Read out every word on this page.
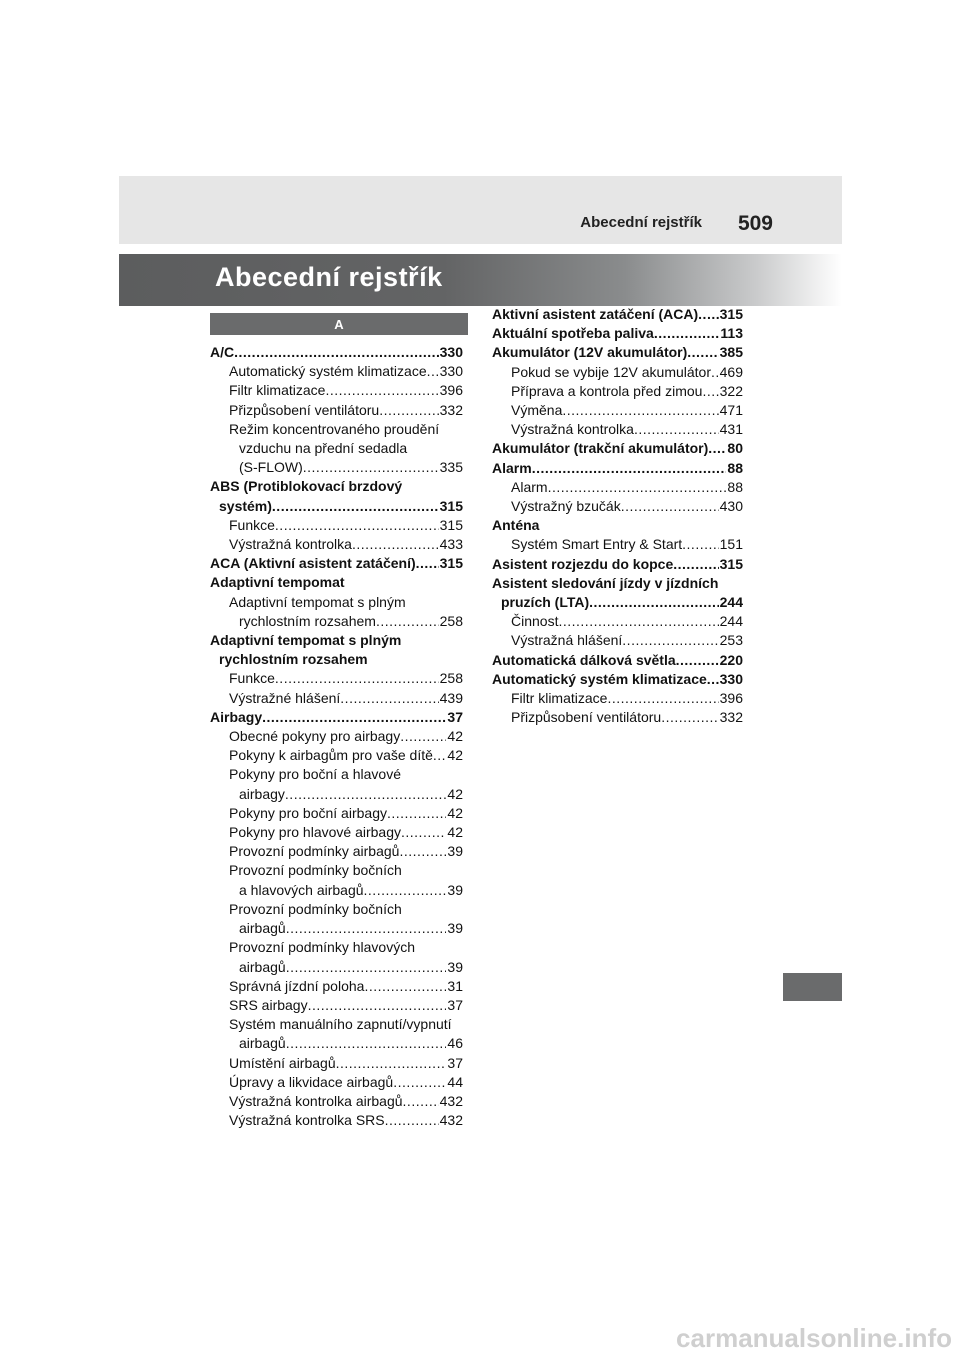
Abecední rejstřík 509
Abecední rejstřík
A
A/C .....	330
Automatický systém klimatizace ..... 330
Filtr klimatizace .....	396
Přizpůsobení ventilátoru .....	332
Režim koncentrovaného proudění
vzduchu na přední sedadla
(S-FLOW) .....	335
ABS (Protiblokovací brzdový
systém) .....	315
Funkce .....	315
Výstražná kontrolka .....	433
ACA (Aktivní asistent zatáčení) ..... 315
Adaptivní tempomat
Adaptivní tempomat s plným
rychlostním rozsahem .....	258
Adaptivní tempomat s plným
rychlostním rozsahem
Funkce .....	258
Výstražné hlášení .....	439
Airbagy .....	37
Obecné pokyny pro airbagy .....	42
Pokyny k airbagům pro vaše dítě ..... 42
Pokyny pro boční a hlavové
airbagy .....	42
Pokyny pro boční airbagy .....	42
Pokyny pro hlavové airbagy .....	42
Provozní podmínky airbagů .....	39
Provozní podmínky bočních
a hlavových airbagů .....	39
Provozní podmínky bočních
airbagů .....	39
Provozní podmínky hlavových
airbagů .....	39
Správná jízdní poloha .....	31
SRS airbagy .....	37
Systém manuálního zapnutí/vypnutí
airbagů .....	46
Umístění airbagů .....	37
Úpravy a likvidace airbagů .....	44
Výstražná kontrolka airbagů .....	432
Výstražná kontrolka SRS .....	432
Aktivní asistent zatáčení (ACA) ..... 315
Aktuální spotřeba paliva .....	113
Akumulátor (12V akumulátor) ..... 385
Pokud se vybije 12V akumulátor ..... 469
Příprava a kontrola před zimou ..... 322
Výměna .....	471
Výstražná kontrolka .....	431
Akumulátor (trakční akumulátor) ..... 80
Alarm .....	88
Alarm .....	88
Výstražný bzučák .....	430
Anténa
Systém Smart Entry & Start .....	151
Asistent rozjezdu do kopce .....	315
Asistent sledování jízdy v jízdních
pruzích (LTA) .....	244
Činnost .....	244
Výstražná hlášení .....	253
Automatická dálková světla .....	220
Automatický systém klimatizace ..... 330
Filtr klimatizace .....	396
Přizpůsobení ventilátoru .....	332
carmanualsonline.info
